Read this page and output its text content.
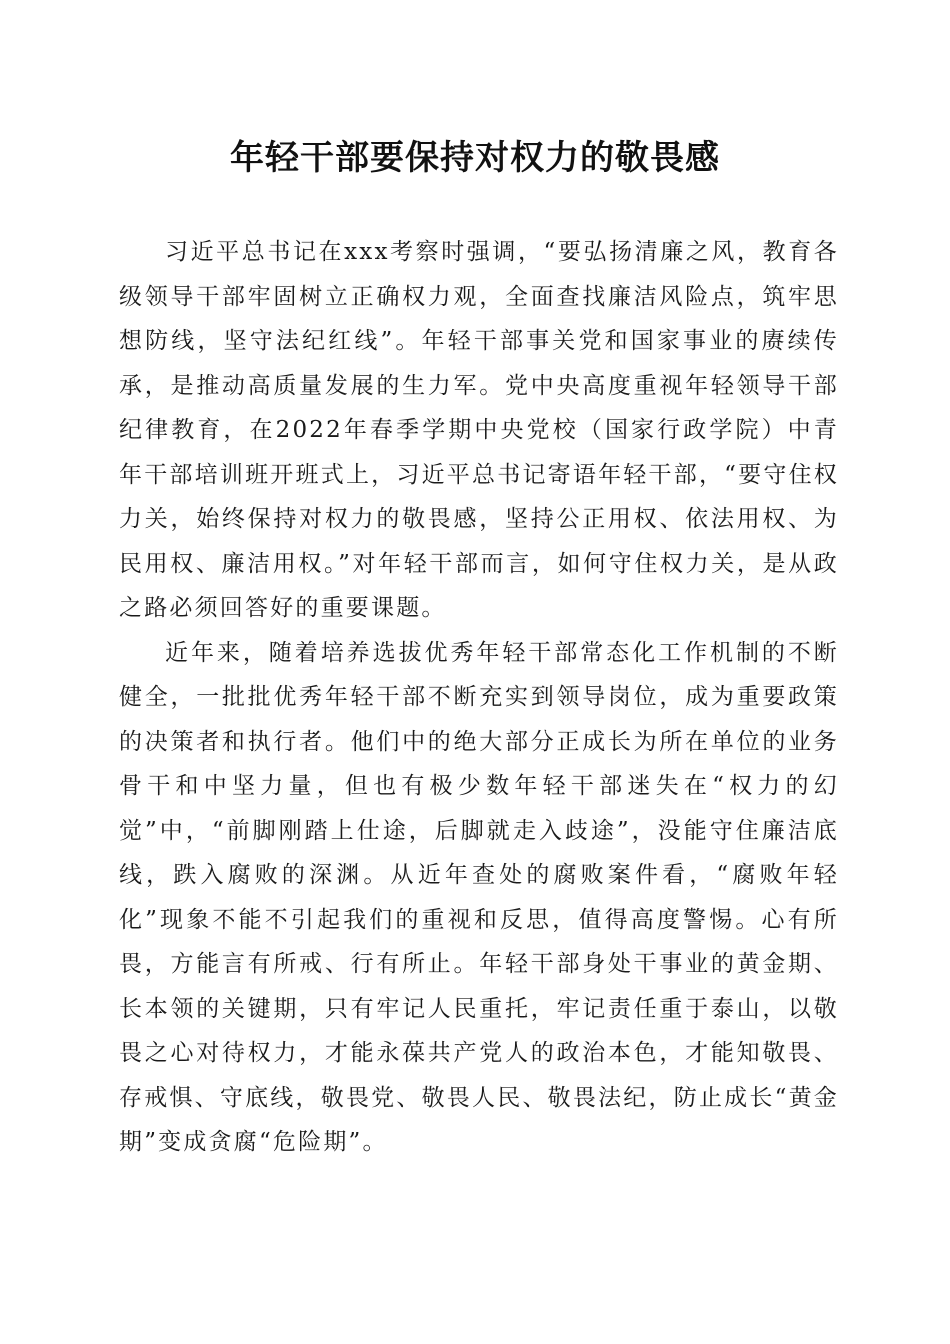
年轻干部要保持对权力的敬畏感

习近平总书记在xxx考察时强调，“要弘扬清廉之风，教育各级领导干部牢固树立正确权力观，全面查找廉洁风险点，筑牢思想防线，坚守法纪红线”。年轻干部事关党和国家事业的赓续传承，是推动高质量发展的生力军。党中央高度重视年轻领导干部纪律教育，在2022年春季学期中央党校（国家行政学院）中青年干部培训班开班式上，习近平总书记寄语年轻干部，“要守住权力关，始终保持对权力的敬畏感，坚持公正用权、依法用权、为民用权、廉洁用权。”对年轻干部而言，如何守住权力关，是从政之路必须回答好的重要课题。

近年来，随着培养选拔优秀年轻干部常态化工作机制的不断健全，一批批优秀年轻干部不断充实到领导岗位，成为重要政策的决策者和执行者。他们中的绝大部分正成长为所在单位的业务骨干和中坚力量，但也有极少数年轻干部迷失在“权力的幻觉”中，“前脚刚踏上仕途，后脚就走入歧途”，没能守住廉洁底线，跌入腐败的深渊。从近年查处的腐败案件看，“腐败年轻化”现象不能不引起我们的重视和反思，值得高度警惕。心有所畏，方能言有所戒、行有所止。年轻干部身处干事业的黄金期、长本领的关键期，只有牢记人民重托，牢记责任重于泰山，以敬畏之心对待权力，才能永葆共产党人的政治本色，才能知敬畏、存戒惧、守底线，敬畏党、敬畏人民、敬畏法纪，防止成长“黄金期”变成贪腐“危险期”。
